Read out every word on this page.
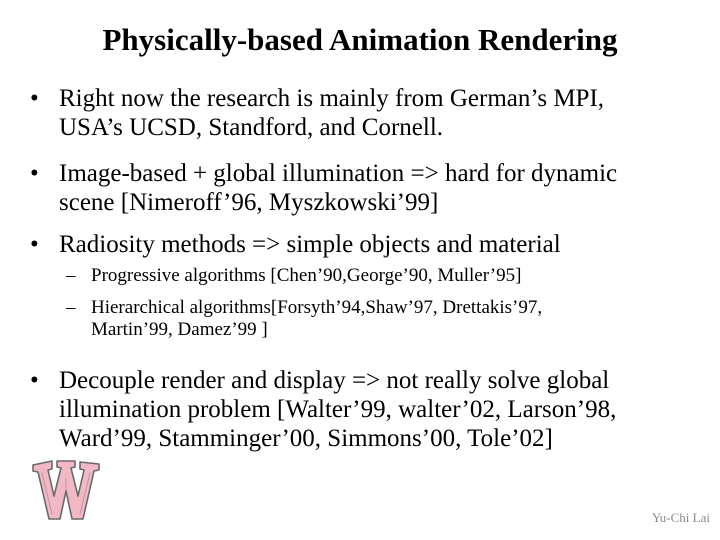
Physically-based Animation Rendering
• Right now the research is mainly from German’s MPI,
USA’s UCSD, Standford, and Cornell.
• Image-based + global illumination => hard for dynamic
scene [Nimeroff’96, Myszkowski’99]
• Radiosity methods => simple objects and material
– Progressive algorithms [Chen’90,George’90, Muller’95]
– Hierarchical algorithms[Forsyth’94,Shaw’97, Drettakis’97,
Martin’99, Damez’99 ]
• Decouple render and display => not really solve global
illumination problem [Walter’99, walter’02, Larson’98,
Ward’99, Stamminger’00, Simmons’00, Tole’02]
Yu-Chi Lai
